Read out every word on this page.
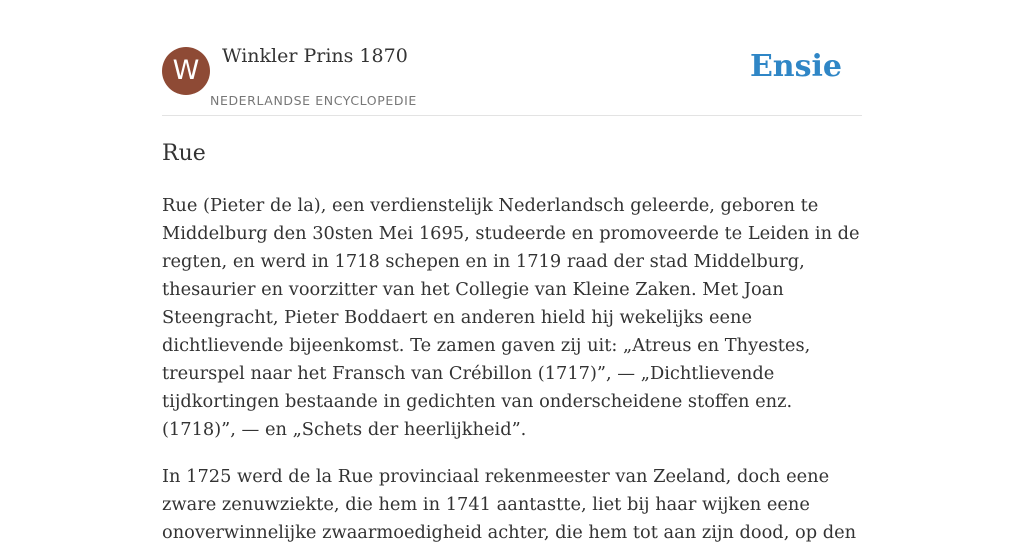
W	Winkler Prins 1870
NEDERLANDSE ENCYCLOPEDIE
Ensie
Rue

Rue (Pieter de la), een verdienstelijk Nederlandsch geleerde, geboren te Middelburg den 30sten Mei 1695, studeerde en promoveerde te Leiden in de regten, en werd in 1718 schepen en in 1719 raad der stad Middelburg, thesaurier en voorzitter van het Collegie van Kleine Zaken. Met Joan Steengracht, Pieter Boddaert en anderen hield hij wekelijks eene dichtlievende bijeenkomst. Te zamen gaven zij uit: „Atreus en Thyestes, treurspel naar het Fransch van Crébillon (1717)”, — „Dichtlievende tijdkortingen bestaande in gedichten van onderscheidene stoffen enz. (1718)”, — en „Schets der heerlijkheid”.

In 1725 werd de la Rue provinciaal rekenmeester van Zeeland, doch eene zware zenuwziekte, die hem in 1741 aantastte, liet bij haar wijken eene onoverwinnelijke zwaarmoedigheid achter, die hem tot aan zijn dood, op den
